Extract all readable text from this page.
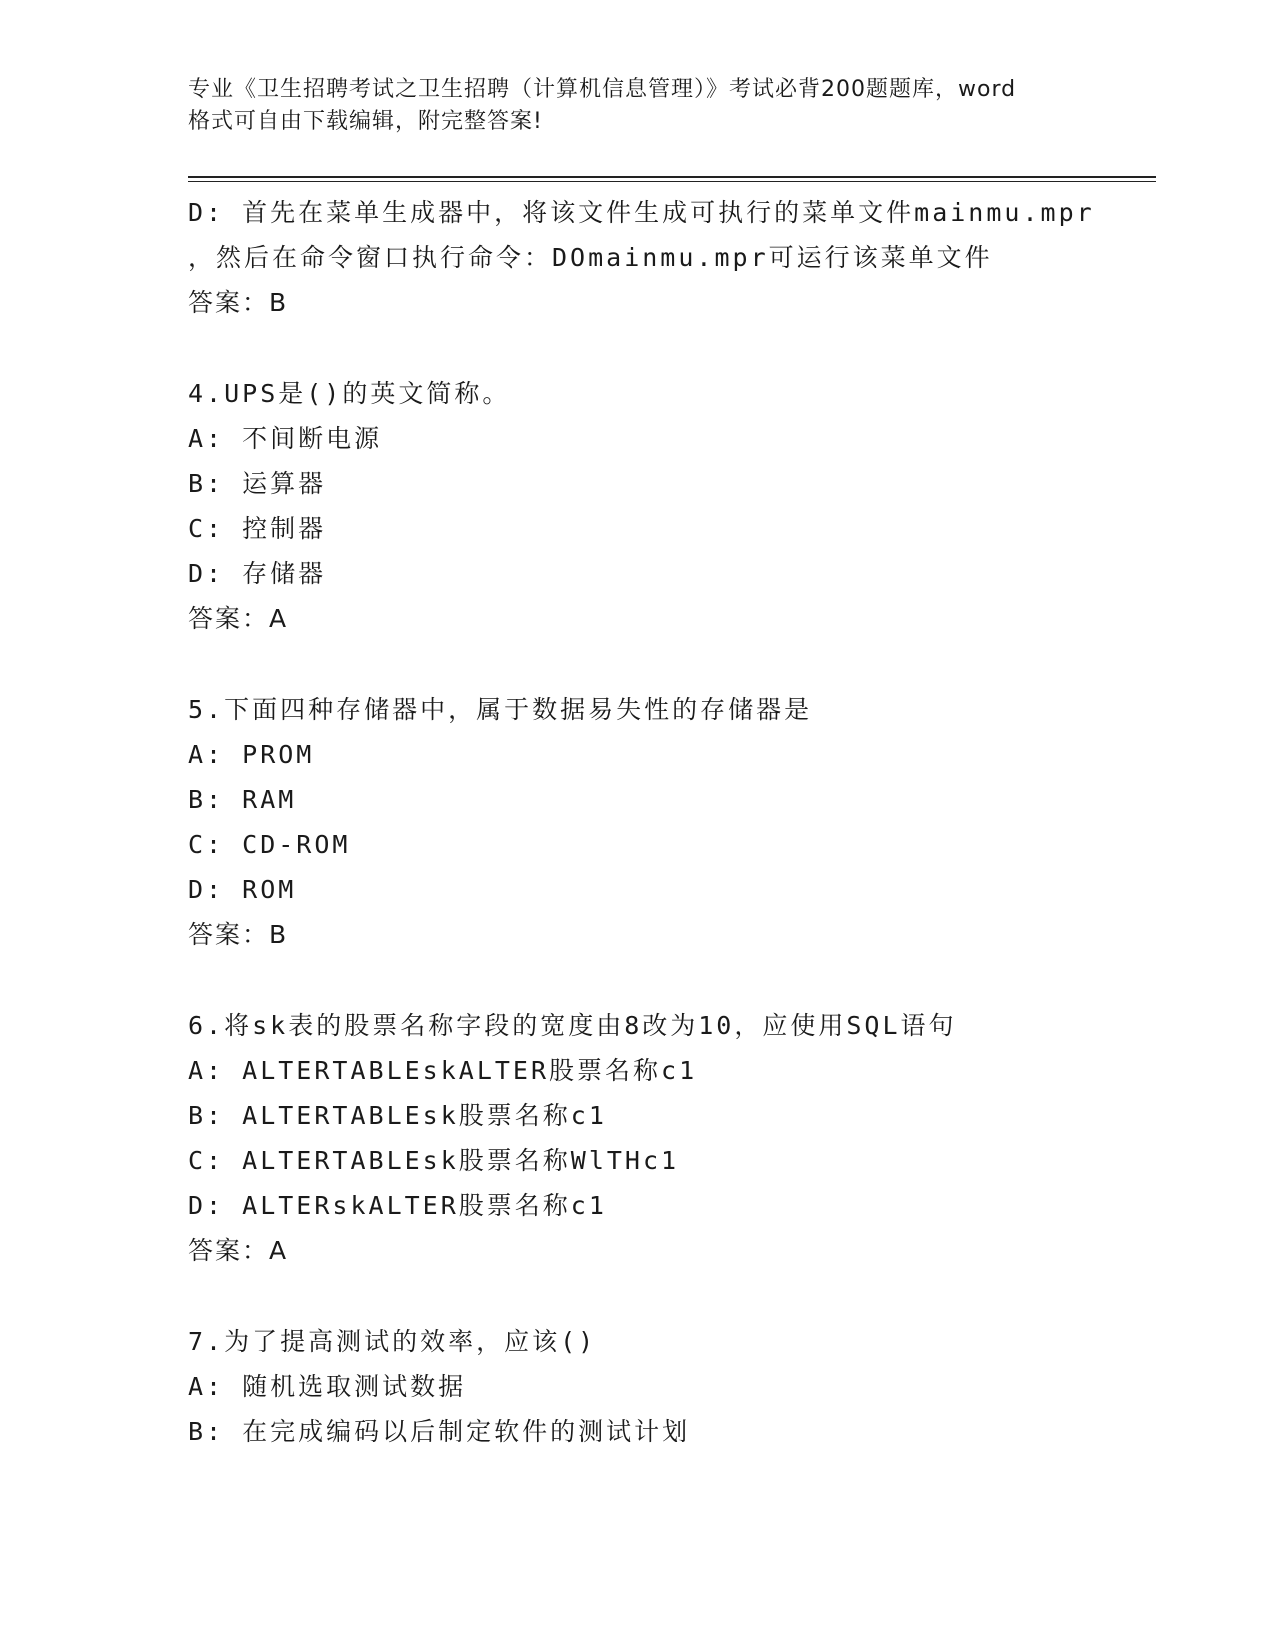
专业《卫生招聘考试之卫生招聘（计算机信息管理）》考试必背200题题库，word
格式可自由下载编辑，附完整答案!
D: 首先在菜单生成器中，将该文件生成可执行的菜单文件mainmu.mpr
，然后在命令窗口执行命令：DOmainmu.mpr可运行该菜单文件
答案：B
4.UPS是()的英文简称。
A: 不间断电源
B: 运算器
C: 控制器
D: 存储器
答案：A
5.下面四种存储器中，属于数据易失性的存储器是
A: PROM
B: RAM
C: CD-ROM
D: ROM
答案：B
6.将sk表的股票名称字段的宽度由8改为10，应使用SQL语句
A: ALTERTABLEskALTER股票名称c1
B: ALTERTABLEsk股票名称c1
C: ALTERTABLEsk股票名称WlTHc1
D: ALTERskALTER股票名称c1
答案：A
7.为了提高测试的效率，应该()
A: 随机选取测试数据
B: 在完成编码以后制定软件的测试计划
